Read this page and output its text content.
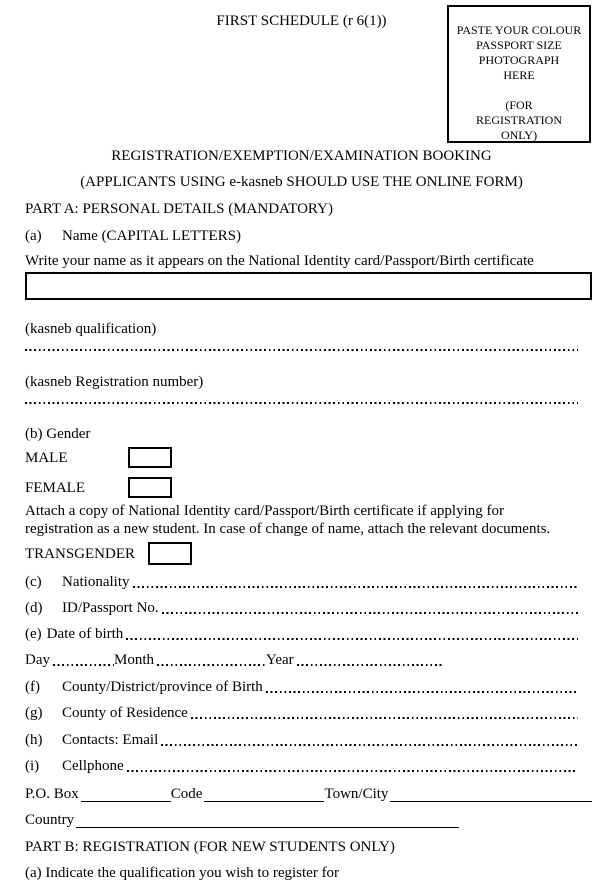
PASTE YOUR COLOUR
PASSPORT SIZE
PHOTOGRAPH
HERE
(FOR
REGISTRATION
ONLY)
FIRST SCHEDULE (r 6(1))
REGISTRATION/EXEMPTION/EXAMINATION BOOKING
(APPLICANTS USING e-kasneb SHOULD USE THE ONLINE FORM)
PART A: PERSONAL DETAILS (MANDATORY)
(a) Name (CAPITAL LETTERS)
Write your name as it appears on the National Identity card/Passport/Birth certificate
(kasneb qualification)
(kasneb Registration number)
(b) Gender
MALE
FEMALE
Attach a copy of National Identity card/Passport/Birth certificate if applying for
registration as a new student. In case of change of name, attach the relevant documents.
TRANSGENDER
(c)	Nationality
(d)	ID/Passport No.
(e) Date of birth
Day	Month	Year
(f)	County/District/province of Birth
(g)	County of Residence
(h)	Contacts: Email
(i)	Cellphone
P.O. Box	Code	Town/City
Country
PART B: REGISTRATION (FOR NEW STUDENTS ONLY)
(a) Indicate the qualification you wish to register for
